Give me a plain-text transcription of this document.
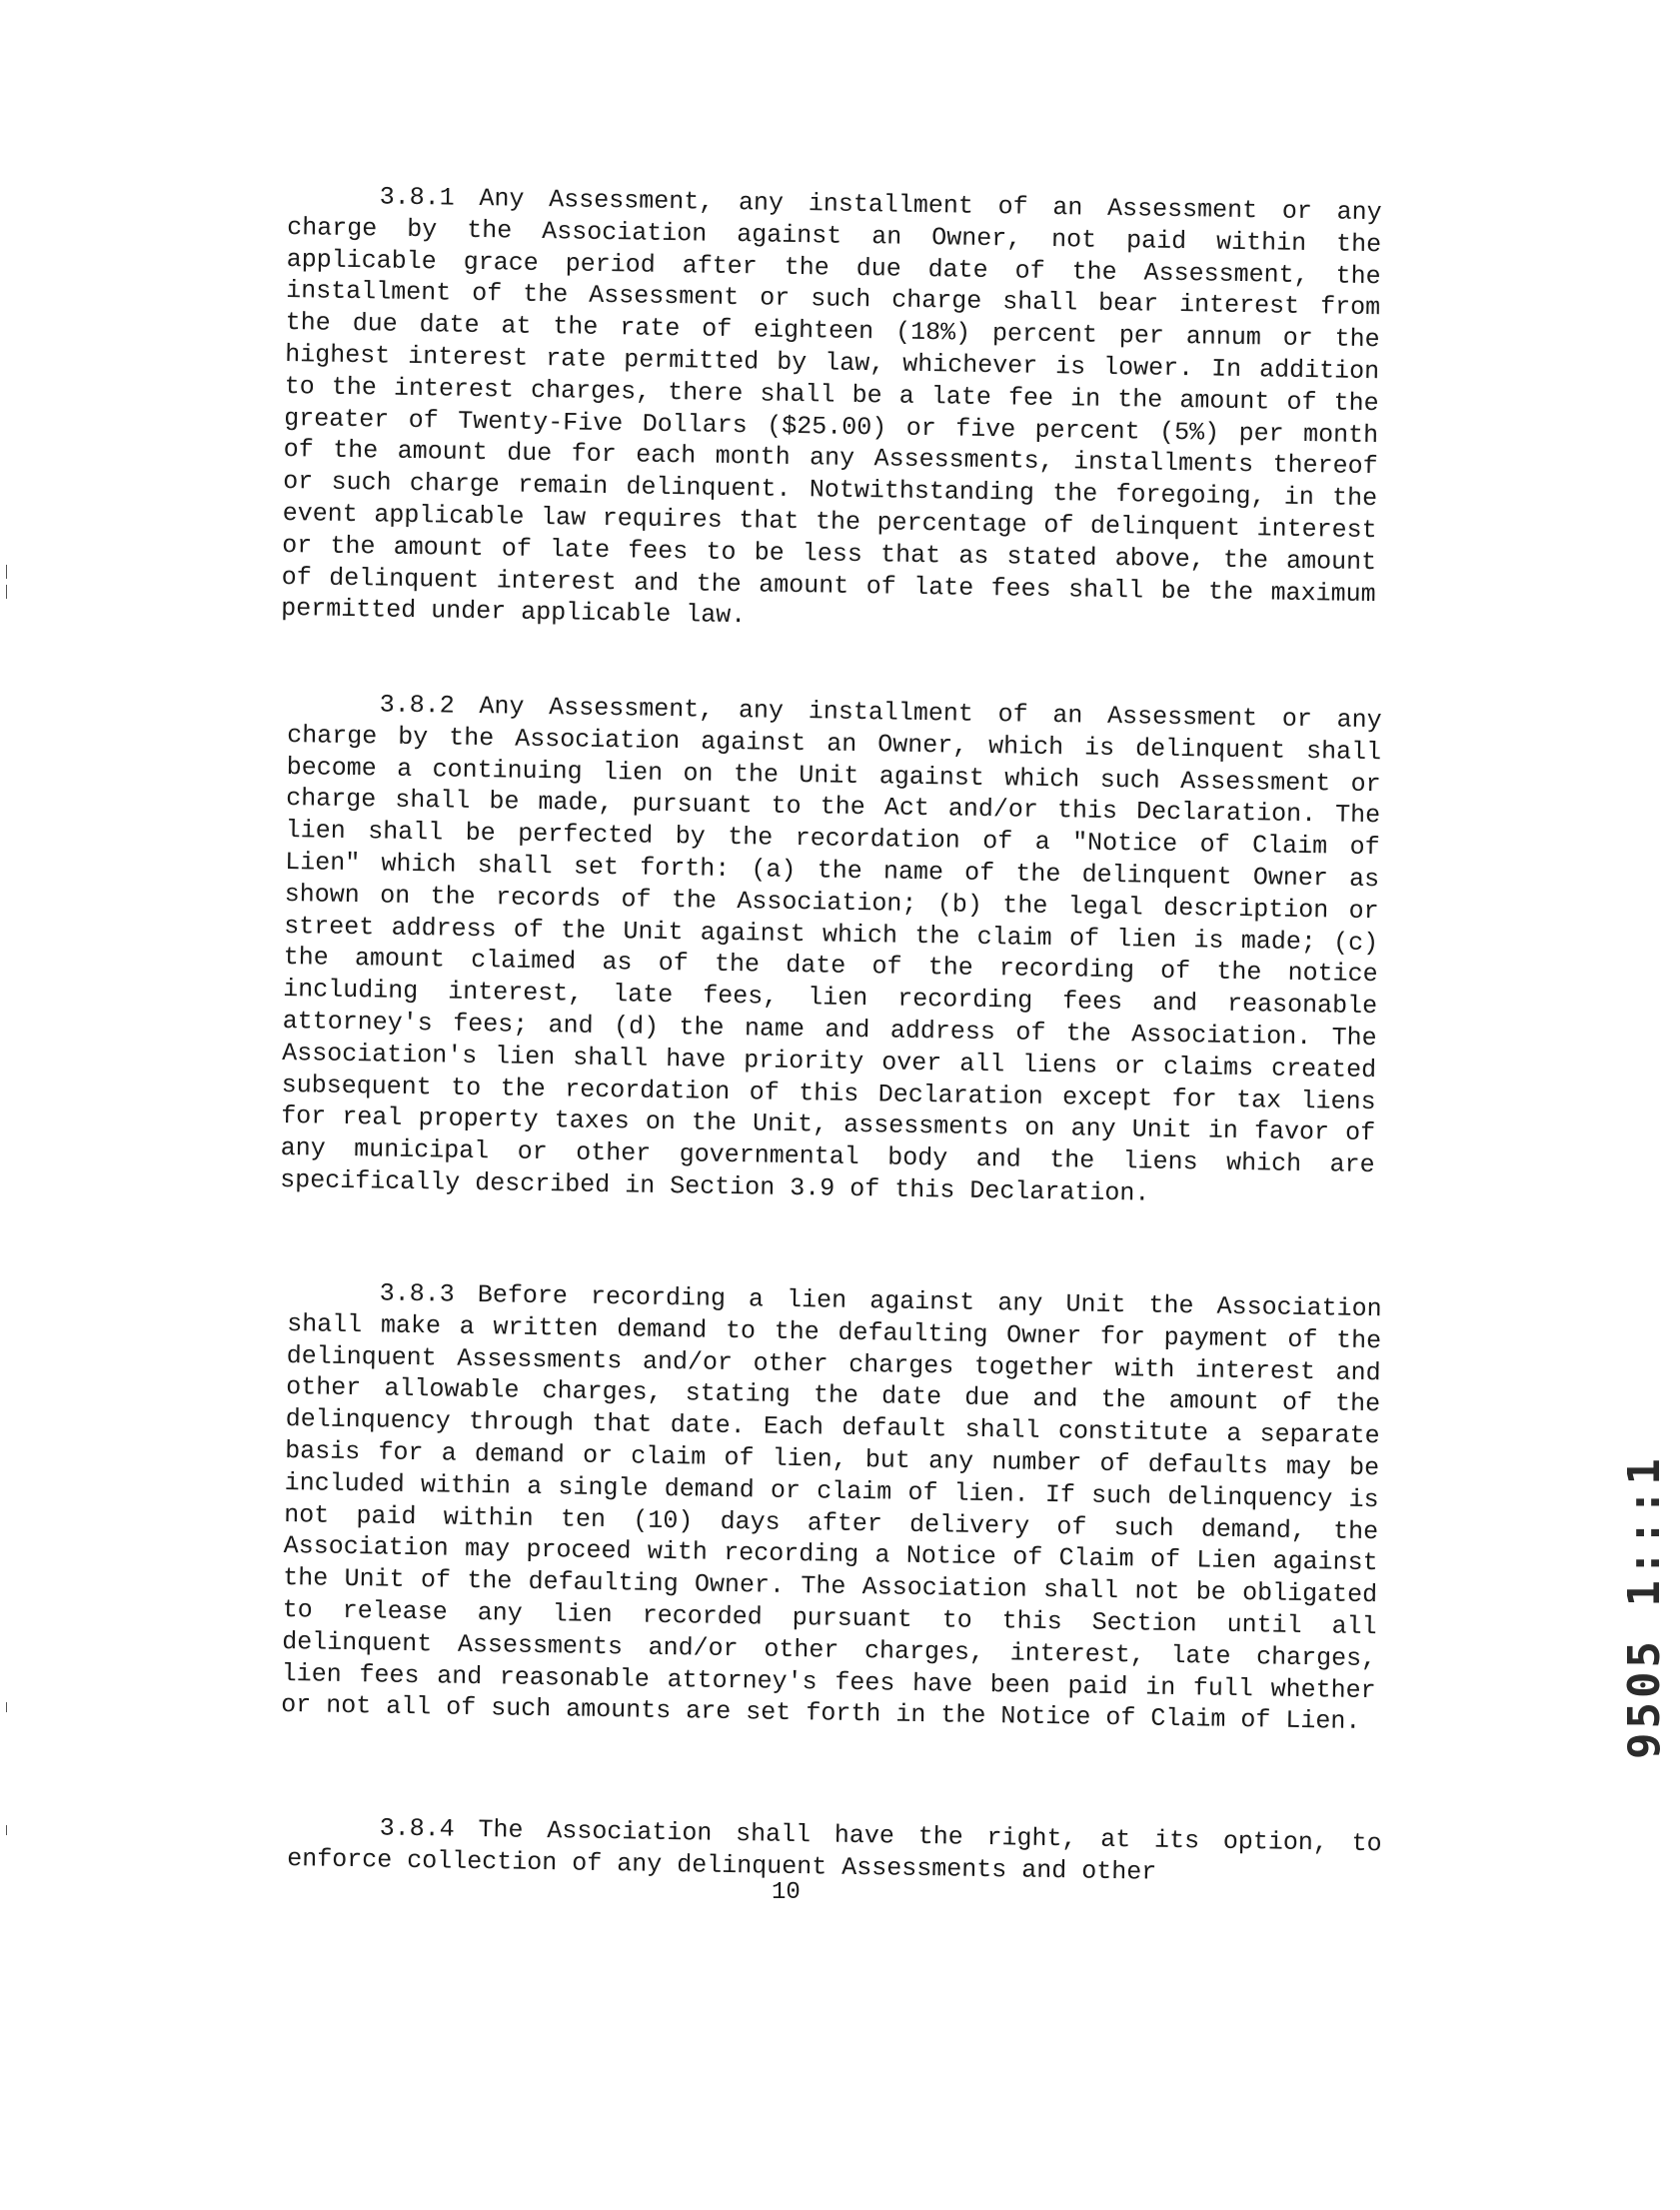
3.8.1 Any Assessment, any installment of an Assessment or any charge by the Association against an Owner, not paid within the applicable grace period after the due date of the Assessment, the installment of the Assessment or such charge shall bear interest from the due date at the rate of eighteen (18%) percent per annum or the highest interest rate permitted by law, whichever is lower. In addition to the interest charges, there shall be a late fee in the amount of the greater of Twenty-Five Dollars ($25.00) or five percent (5%) per month of the amount due for each month any Assessments, installments thereof or such charge remain delinquent. Notwithstanding the foregoing, in the event applicable law requires that the percentage of delinquent interest or the amount of late fees to be less that as stated above, the amount of delinquent interest and the amount of late fees shall be the maximum permitted under applicable law.

3.8.2 Any Assessment, any installment of an Assessment or any charge by the Association against an Owner, which is delinquent shall become a continuing lien on the Unit against which such Assessment or charge shall be made, pursuant to the Act and/or this Declaration. The lien shall be perfected by the recordation of a "Notice of Claim of Lien" which shall set forth: (a) the name of the delinquent Owner as shown on the records of the Association; (b) the legal description or street address of the Unit against which the claim of lien is made; (c) the amount claimed as of the date of the recording of the notice including interest, late fees, lien recording fees and reasonable attorney's fees; and (d) the name and address of the Association. The Association's lien shall have priority over all liens or claims created subsequent to the recordation of this Declaration except for tax liens for real property taxes on the Unit, assessments on any Unit in favor of any municipal or other governmental body and the liens which are specifically described in Section 3.9 of this Declaration.

3.8.3 Before recording a lien against any Unit the Association shall make a written demand to the defaulting Owner for payment of the delinquent Assessments and/or other charges together with interest and other allowable charges, stating the date due and the amount of the delinquency through that date. Each default shall constitute a separate basis for a demand or claim of lien, but any number of defaults may be included within a single demand or claim of lien. If such delinquency is not paid within ten (10) days after delivery of such demand, the Association may proceed with recording a Notice of Claim of Lien against the Unit of the defaulting Owner. The Association shall not be obligated to release any lien recorded pursuant to this Section until all delinquent Assessments and/or other charges, interest, late charges, lien fees and reasonable attorney's fees have been paid in full whether or not all of such amounts are set forth in the Notice of Claim of Lien.

3.8.4 The Association shall have the right, at its option, to enforce collection of any delinquent Assessments and other

10

9505 1:::1
